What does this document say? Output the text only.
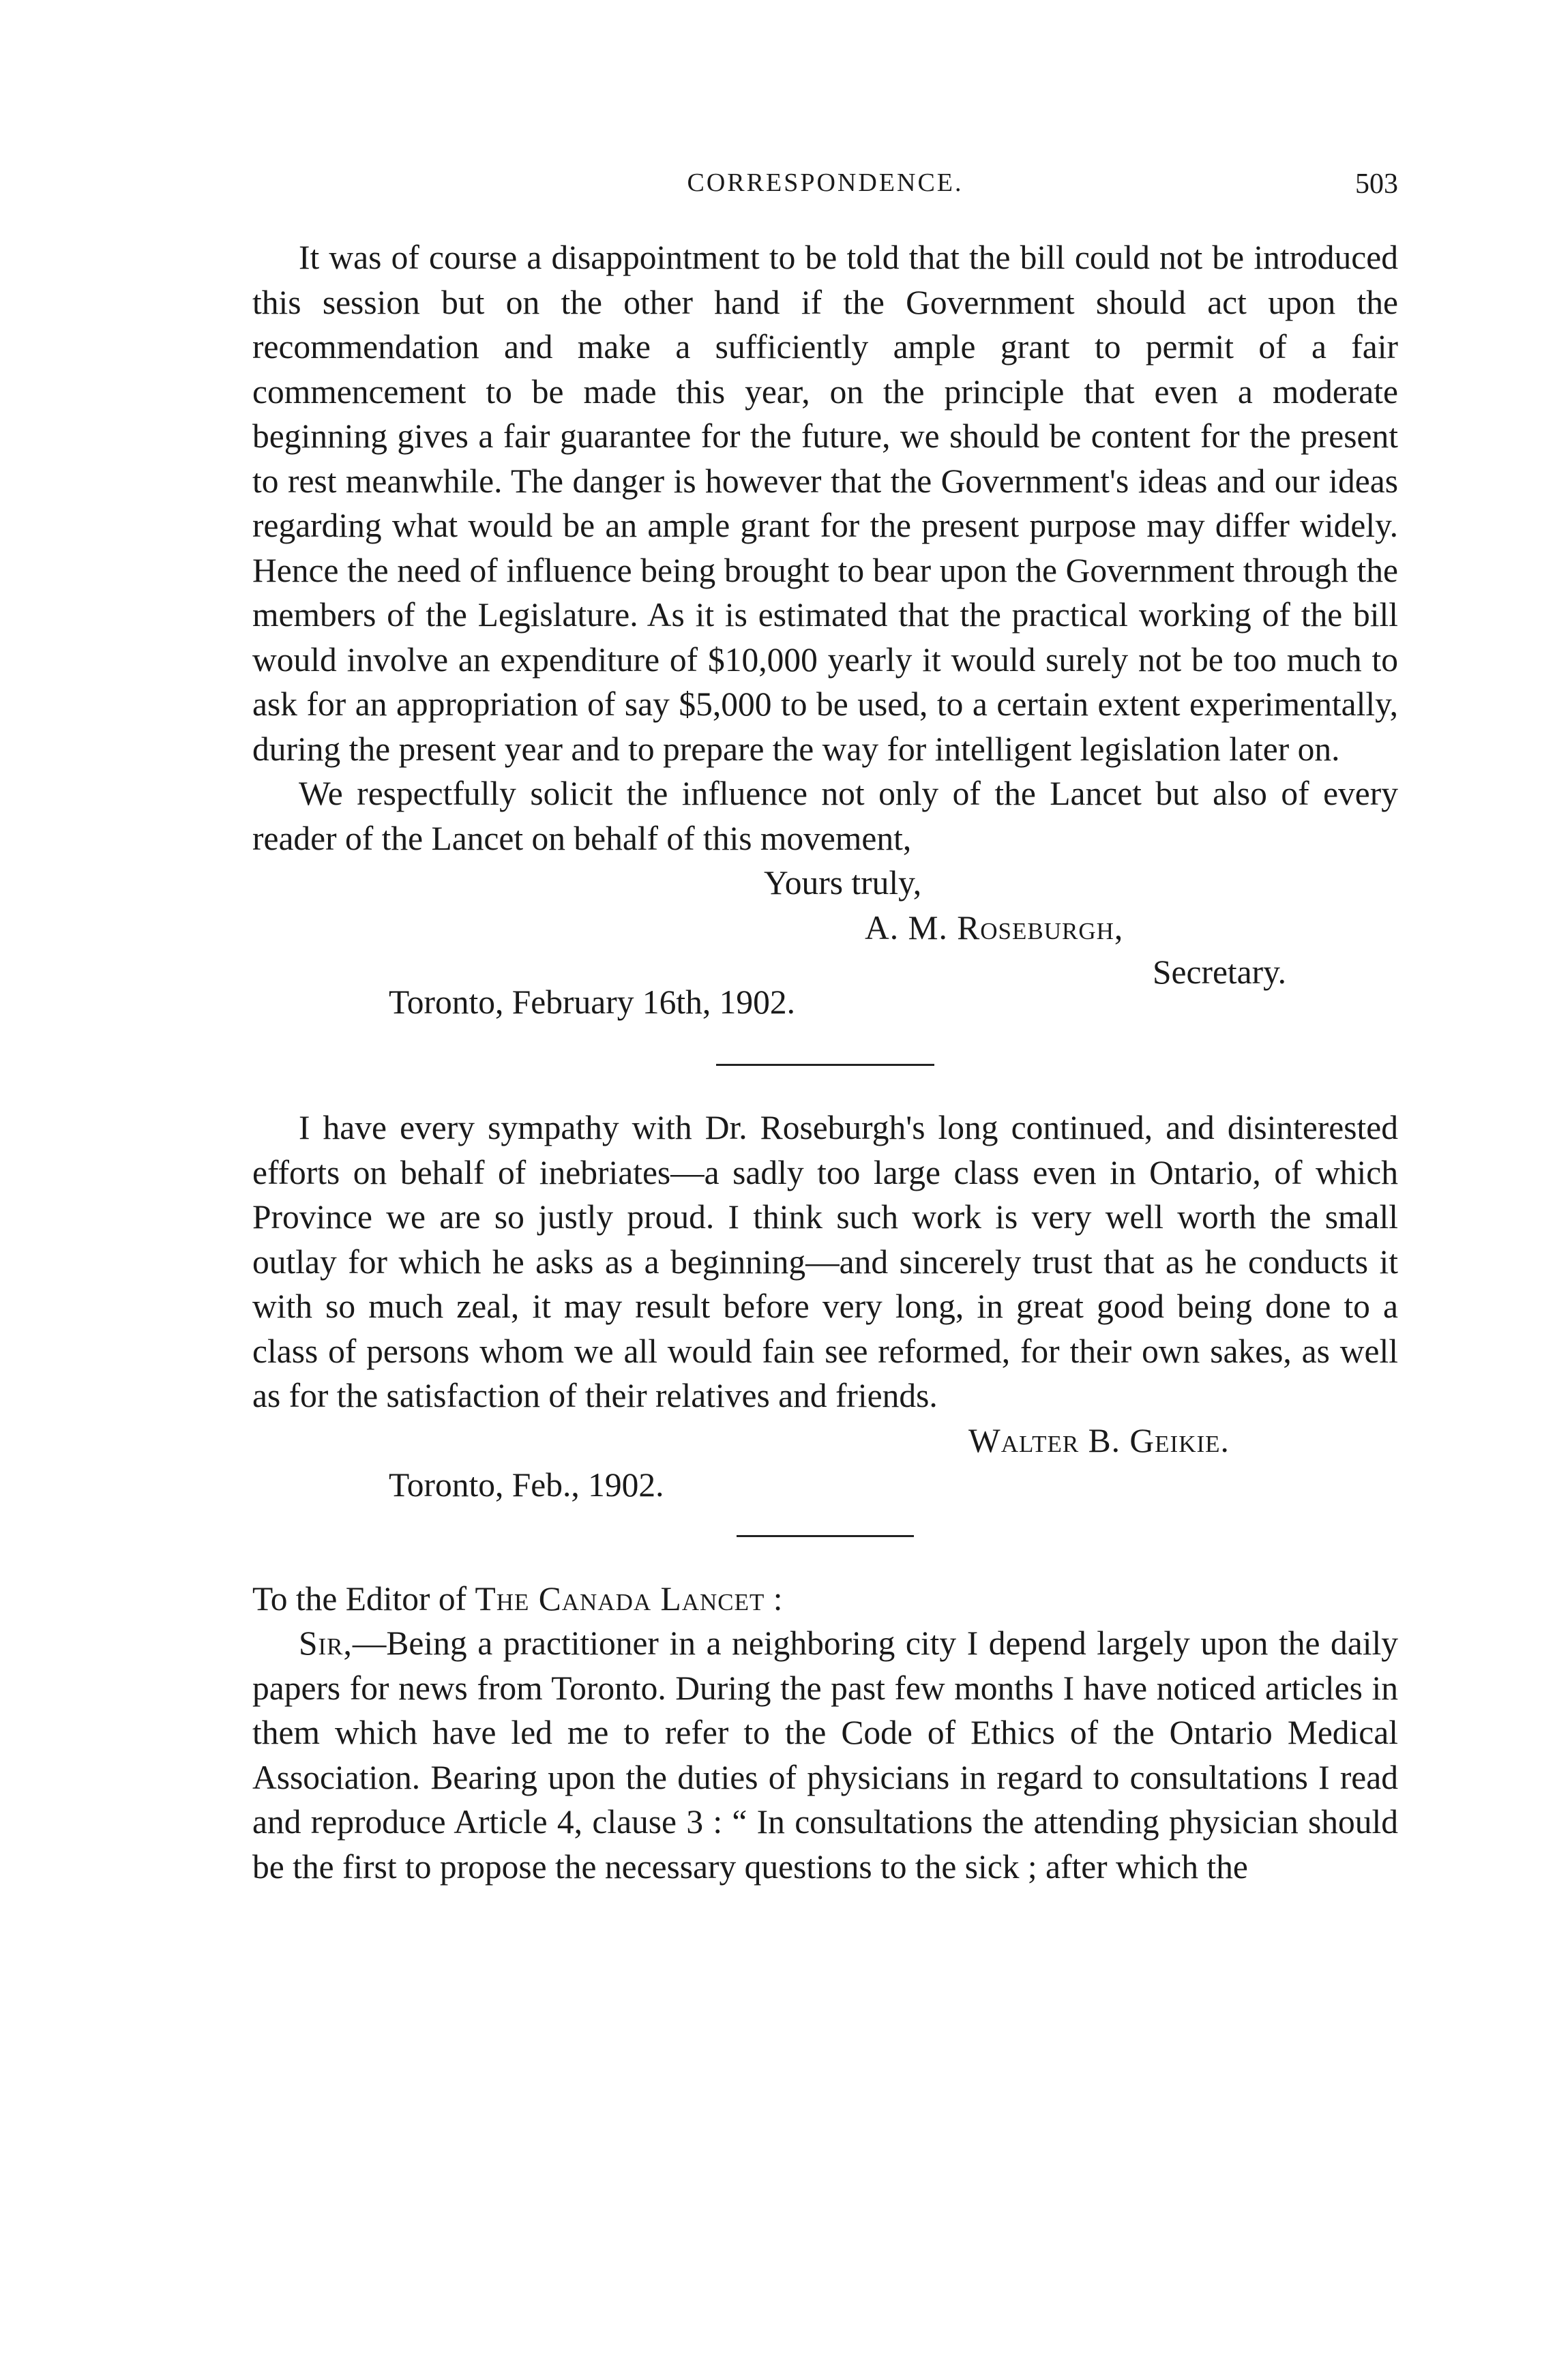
CORRESPONDENCE.	503

It was of course a disappointment to be told that the bill could not be introduced this session but on the other hand if the Government should act upon the recommendation and make a sufficiently ample grant to permit of a fair commencement to be made this year, on the principle that even a moderate beginning gives a fair guarantee for the future, we should be content for the present to rest meanwhile. The danger is however that the Government's ideas and our ideas regarding what would be an ample grant for the present purpose may differ widely. Hence the need of influence being brought to bear upon the Government through the members of the Legislature. As it is estimated that the practical working of the bill would involve an expenditure of $10,000 yearly it would surely not be too much to ask for an appropriation of say $5,000 to be used, to a certain extent experimentally, during the present year and to prepare the way for intelligent legislation later on.

We respectfully solicit the influence not only of the Lancet but also of every reader of the Lancet on behalf of this movement,

Yours truly,
A. M. Roseburgh,
Secretary.
Toronto, February 16th, 1902.

I have every sympathy with Dr. Roseburgh's long continued, and disinterested efforts on behalf of inebriates—a sadly too large class even in Ontario, of which Province we are so justly proud. I think such work is very well worth the small outlay for which he asks as a beginning—and sincerely trust that as he conducts it with so much zeal, it may result before very long, in great good being done to a class of persons whom we all would fain see reformed, for their own sakes, as well as for the satisfaction of their relatives and friends.

Walter B. Geikie.
Toronto, Feb., 1902.
To the Editor of The Canada Lancet :

Sir,—Being a practitioner in a neighboring city I depend largely upon the daily papers for news from Toronto. During the past few months I have noticed articles in them which have led me to refer to the Code of Ethics of the Ontario Medical Association. Bearing upon the duties of physicians in regard to consultations I read and reproduce Article 4, clause 3 : “ In consultations the attending physician should be the first to propose the necessary questions to the sick ; after which the
